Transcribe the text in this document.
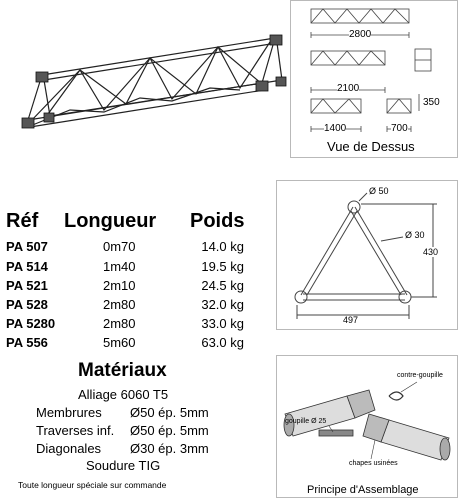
2800
2100
350
1400	700
Vue de Dessus
Réf Longueur Poids
PA 507	0m70	14.0 kg
PA 514	1m40	19.5 kg
PA 521	2m10	24.5 kg
PA 528	2m80	32.0 kg
PA 5280	2m80	33.0 kg
PA 556	5m60	63.0 kg
Matériaux
Alliage 6060 T5
Membrures Ø50 ép. 5mm
Traverses inf. Ø50 ép. 5mm
Diagonales Ø30 ép. 3mm
Soudure TIG
Toute longueur spéciale sur commande
Ø 50
Ø 30
430
497
contre-goupille
goupille Ø 25
chapes usinées
Principe d'Assemblage
